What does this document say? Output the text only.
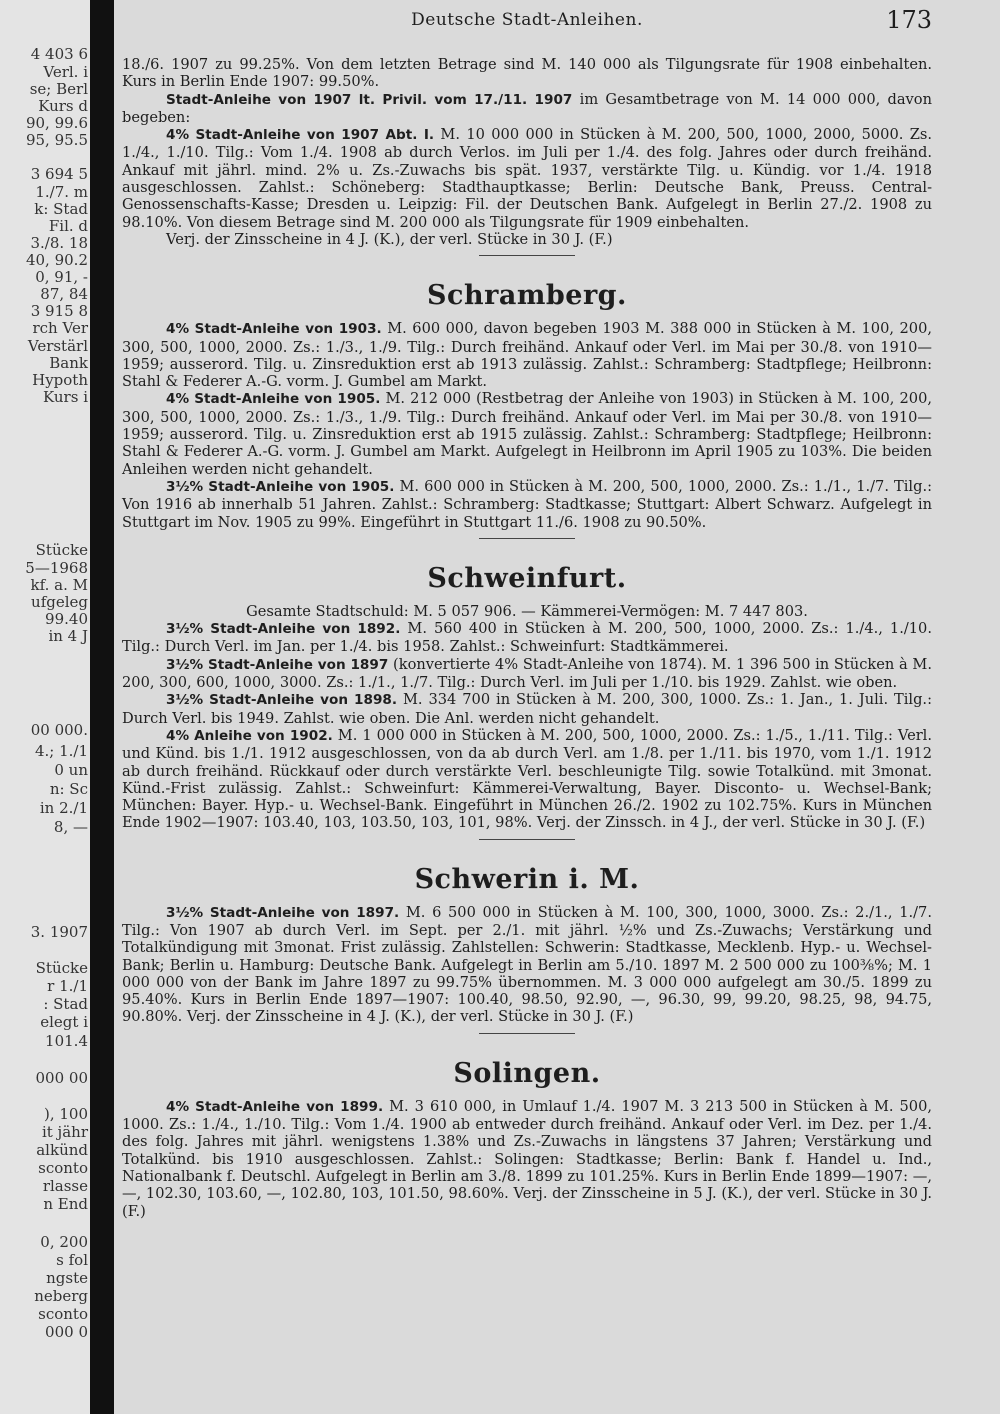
4 403 6
Verl. i
se; Berl
Kurs d
90, 99.6
95, 95.5
3 694 5
1./7. m
k: Stad
Fil. d
3./8. 18
40, 90.2
0, 91, -
87, 84
3 915 8
rch Ver
Verstärl
Bank
Hypoth
Kurs i
Stücke
5—1968
kf. a. M
ufgeleg
99.40
in 4 J
00 000.
4.; 1./1
0 un
n: Sc
in 2./1
8, —
3. 1907
Stücke
r 1./1
: Stad
elegt i
101.4
000 00
), 100
it jähr
alkünd
sconto
rlasse
n End
0, 200
s fol
ngste
neberg
sconto
000 0
Deutsche Stadt-Anleihen.	173

18./6. 1907 zu 99.25%. Von dem letzten Betrage sind M. 140 000 als Tilgungsrate für 1908 einbehalten. Kurs in Berlin Ende 1907: 99.50%.

Stadt-Anleihe von 1907 lt. Privil. vom 17./11. 1907 im Gesamtbetrage von M. 14 000 000, davon begeben:

4% Stadt-Anleihe von 1907 Abt. I. M. 10 000 000 in Stücken à M. 200, 500, 1000, 2000, 5000. Zs. 1./4., 1./10. Tilg.: Vom 1./4. 1908 ab durch Verlos. im Juli per 1./4. des folg. Jahres oder durch freihänd. Ankauf mit jährl. mind. 2% u. Zs.-Zuwachs bis spät. 1937, verstärkte Tilg. u. Kündig. vor 1./4. 1918 ausgeschlossen. Zahlst.: Schöneberg: Stadthauptkasse; Berlin: Deutsche Bank, Preuss. Central-Genossenschafts-Kasse; Dresden u. Leipzig: Fil. der Deutschen Bank. Aufgelegt in Berlin 27./2. 1908 zu 98.10%. Von diesem Betrage sind M. 200 000 als Tilgungsrate für 1909 einbehalten.

Verj. der Zinsscheine in 4 J. (K.), der verl. Stücke in 30 J. (F.)

Schramberg.

4% Stadt-Anleihe von 1903. M. 600 000, davon begeben 1903 M. 388 000 in Stücken à M. 100, 200, 300, 500, 1000, 2000. Zs.: 1./3., 1./9. Tilg.: Durch freihänd. Ankauf oder Verl. im Mai per 30./8. von 1910—1959; ausserord. Tilg. u. Zinsreduktion erst ab 1913 zulässig. Zahlst.: Schramberg: Stadtpflege; Heilbronn: Stahl & Federer A.-G. vorm. J. Gumbel am Markt.

4% Stadt-Anleihe von 1905. M. 212 000 (Restbetrag der Anleihe von 1903) in Stücken à M. 100, 200, 300, 500, 1000, 2000. Zs.: 1./3., 1./9. Tilg.: Durch freihänd. Ankauf oder Verl. im Mai per 30./8. von 1910—1959; ausserord. Tilg. u. Zinsreduktion erst ab 1915 zulässig. Zahlst.: Schramberg: Stadtpflege; Heilbronn: Stahl & Federer A.-G. vorm. J. Gumbel am Markt. Aufgelegt in Heilbronn im April 1905 zu 103%. Die beiden Anleihen werden nicht gehandelt.

3½% Stadt-Anleihe von 1905. M. 600 000 in Stücken à M. 200, 500, 1000, 2000. Zs.: 1./1., 1./7. Tilg.: Von 1916 ab innerhalb 51 Jahren. Zahlst.: Schramberg: Stadtkasse; Stuttgart: Albert Schwarz. Aufgelegt in Stuttgart im Nov. 1905 zu 99%. Eingeführt in Stuttgart 11./6. 1908 zu 90.50%.

Schweinfurt.

Gesamte Stadtschuld: M. 5 057 906. — Kämmerei-Vermögen: M. 7 447 803.

3½% Stadt-Anleihe von 1892. M. 560 400 in Stücken à M. 200, 500, 1000, 2000. Zs.: 1./4., 1./10. Tilg.: Durch Verl. im Jan. per 1./4. bis 1958. Zahlst.: Schweinfurt: Stadtkämmerei.

3½% Stadt-Anleihe von 1897 (konvertierte 4% Stadt-Anleihe von 1874). M. 1 396 500 in Stücken à M. 200, 300, 600, 1000, 3000. Zs.: 1./1., 1./7. Tilg.: Durch Verl. im Juli per 1./10. bis 1929. Zahlst. wie oben.

3½% Stadt-Anleihe von 1898. M. 334 700 in Stücken à M. 200, 300, 1000. Zs.: 1. Jan., 1. Juli. Tilg.: Durch Verl. bis 1949. Zahlst. wie oben. Die Anl. werden nicht gehandelt.

4% Anleihe von 1902. M. 1 000 000 in Stücken à M. 200, 500, 1000, 2000. Zs.: 1./5., 1./11. Tilg.: Verl. und Künd. bis 1./1. 1912 ausgeschlossen, von da ab durch Verl. am 1./8. per 1./11. bis 1970, vom 1./1. 1912 ab durch freihänd. Rückkauf oder durch verstärkte Verl. beschleunigte Tilg. sowie Totalkünd. mit 3monat. Künd.-Frist zulässig. Zahlst.: Schweinfurt: Kämmerei-Verwaltung, Bayer. Disconto- u. Wechsel-Bank; München: Bayer. Hyp.- u. Wechsel-Bank. Eingeführt in München 26./2. 1902 zu 102.75%. Kurs in München Ende 1902—1907: 103.40, 103, 103.50, 103, 101, 98%. Verj. der Zinssch. in 4 J., der verl. Stücke in 30 J. (F.)

Schwerin i. M.

3½% Stadt-Anleihe von 1897. M. 6 500 000 in Stücken à M. 100, 300, 1000, 3000. Zs.: 2./1., 1./7. Tilg.: Von 1907 ab durch Verl. im Sept. per 2./1. mit jährl. ½% und Zs.-Zuwachs; Verstärkung und Totalkündigung mit 3monat. Frist zulässig. Zahlstellen: Schwerin: Stadtkasse, Mecklenb. Hyp.- u. Wechsel-Bank; Berlin u. Hamburg: Deutsche Bank. Aufgelegt in Berlin am 5./10. 1897 M. 2 500 000 zu 100⅜%; M. 1 000 000 von der Bank im Jahre 1897 zu 99.75% übernommen. M. 3 000 000 aufgelegt am 30./5. 1899 zu 95.40%. Kurs in Berlin Ende 1897—1907: 100.40, 98.50, 92.90, —, 96.30, 99, 99.20, 98.25, 98, 94.75, 90.80%. Verj. der Zinsscheine in 4 J. (K.), der verl. Stücke in 30 J. (F.)

Solingen.

4% Stadt-Anleihe von 1899. M. 3 610 000, in Umlauf 1./4. 1907 M. 3 213 500 in Stücken à M. 500, 1000. Zs.: 1./4., 1./10. Tilg.: Vom 1./4. 1900 ab entweder durch freihänd. Ankauf oder Verl. im Dez. per 1./4. des folg. Jahres mit jährl. wenigstens 1.38% und Zs.-Zuwachs in längstens 37 Jahren; Verstärkung und Totalkünd. bis 1910 ausgeschlossen. Zahlst.: Solingen: Stadtkasse; Berlin: Bank f. Handel u. Ind., Nationalbank f. Deutschl. Aufgelegt in Berlin am 3./8. 1899 zu 101.25%. Kurs in Berlin Ende 1899—1907: —, —, 102.30, 103.60, —, 102.80, 103, 101.50, 98.60%. Verj. der Zinsscheine in 5 J. (K.), der verl. Stücke in 30 J. (F.)
